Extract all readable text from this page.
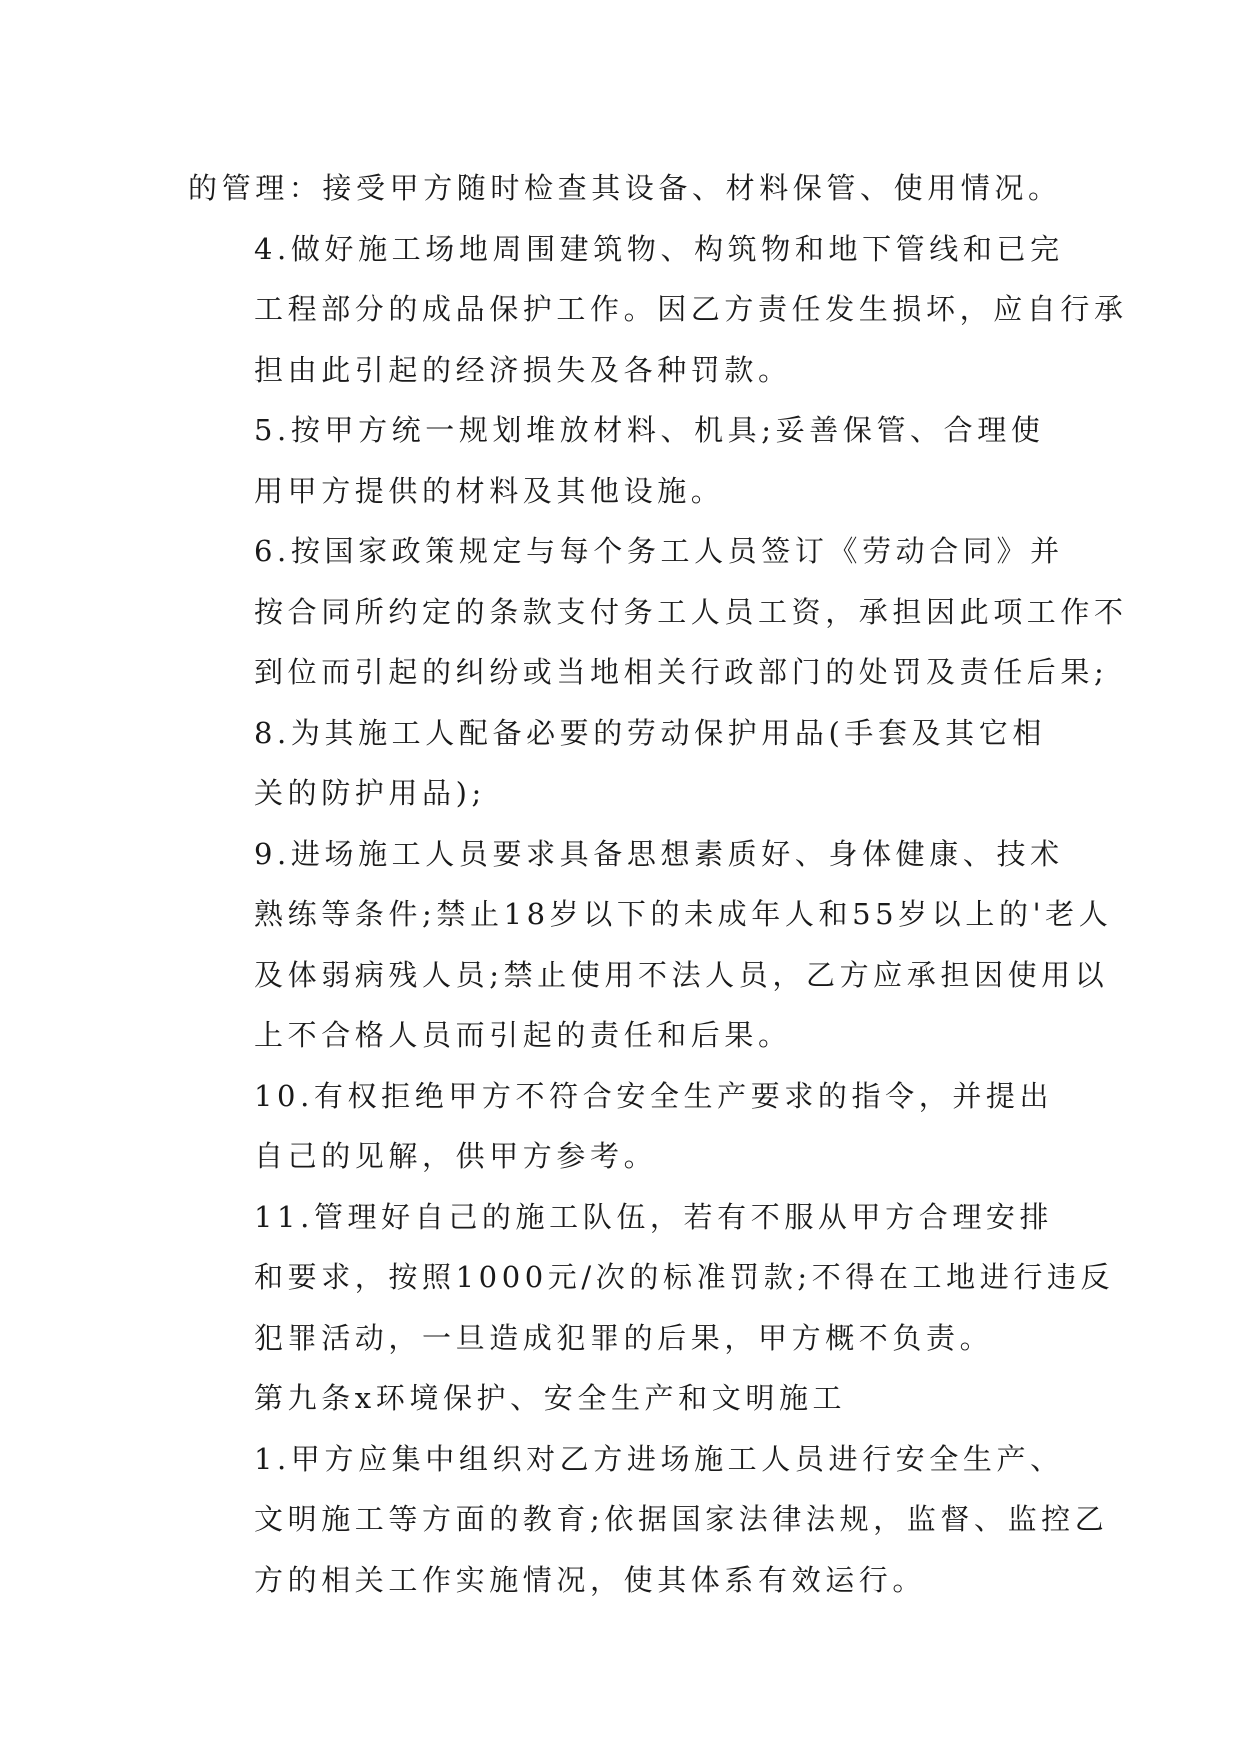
的管理：接受甲方随时检查其设备、材料保管、使用情况。

4.做好施工场地周围建筑物、构筑物和地下管线和已完
工程部分的成品保护工作。因乙方责任发生损坏，应自行承
担由此引起的经济损失及各种罚款。

5.按甲方统一规划堆放材料、机具;妥善保管、合理使
用甲方提供的材料及其他设施。

6.按国家政策规定与每个务工人员签订《劳动合同》并
按合同所约定的条款支付务工人员工资，承担因此项工作不
到位而引起的纠纷或当地相关行政部门的处罚及责任后果;

8.为其施工人配备必要的劳动保护用品(手套及其它相
关的防护用品);

9.进场施工人员要求具备思想素质好、身体健康、技术
熟练等条件;禁止18岁以下的未成年人和55岁以上的'老人
及体弱病残人员;禁止使用不法人员，乙方应承担因使用以
上不合格人员而引起的责任和后果。

10.有权拒绝甲方不符合安全生产要求的指令，并提出
自己的见解，供甲方参考。

11.管理好自己的施工队伍，若有不服从甲方合理安排
和要求，按照1000元/次的标准罚款;不得在工地进行违反
犯罪活动，一旦造成犯罪的后果，甲方概不负责。

第九条x环境保护、安全生产和文明施工

1.甲方应集中组织对乙方进场施工人员进行安全生产、
文明施工等方面的教育;依据国家法律法规，监督、监控乙
方的相关工作实施情况，使其体系有效运行。
